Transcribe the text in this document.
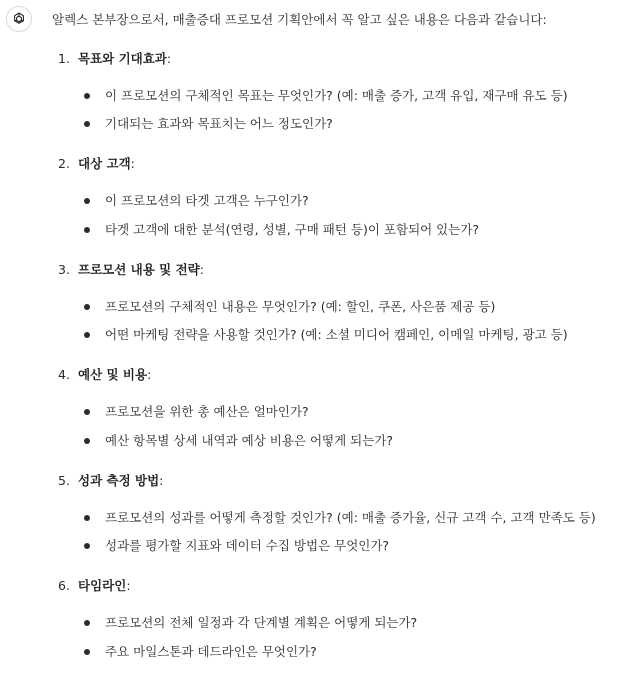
알렉스 본부장으로서, 매출증대 프로모션 기획안에서 꼭 알고 싶은 내용은 다음과 같습니다:
1. 목표와 기대효과:
이 프로모션의 구체적인 목표는 무엇인가? (예: 매출 증가, 고객 유입, 재구매 유도 등)
기대되는 효과와 목표치는 어느 정도인가?
2. 대상 고객:
이 프로모션의 타겟 고객은 누구인가?
타겟 고객에 대한 분석(연령, 성별, 구매 패턴 등)이 포함되어 있는가?
3. 프로모션 내용 및 전략:
프로모션의 구체적인 내용은 무엇인가? (예: 할인, 쿠폰, 사은품 제공 등)
어떤 마케팅 전략을 사용할 것인가? (예: 소셜 미디어 캠페인, 이메일 마케팅, 광고 등)
4. 예산 및 비용:
프로모션을 위한 총 예산은 얼마인가?
예산 항목별 상세 내역과 예상 비용은 어떻게 되는가?
5. 성과 측정 방법:
프로모션의 성과를 어떻게 측정할 것인가? (예: 매출 증가율, 신규 고객 수, 고객 만족도 등)
성과를 평가할 지표와 데이터 수집 방법은 무엇인가?
6. 타임라인:
프로모션의 전체 일정과 각 단계별 계획은 어떻게 되는가?
주요 마일스톤과 데드라인은 무엇인가?
